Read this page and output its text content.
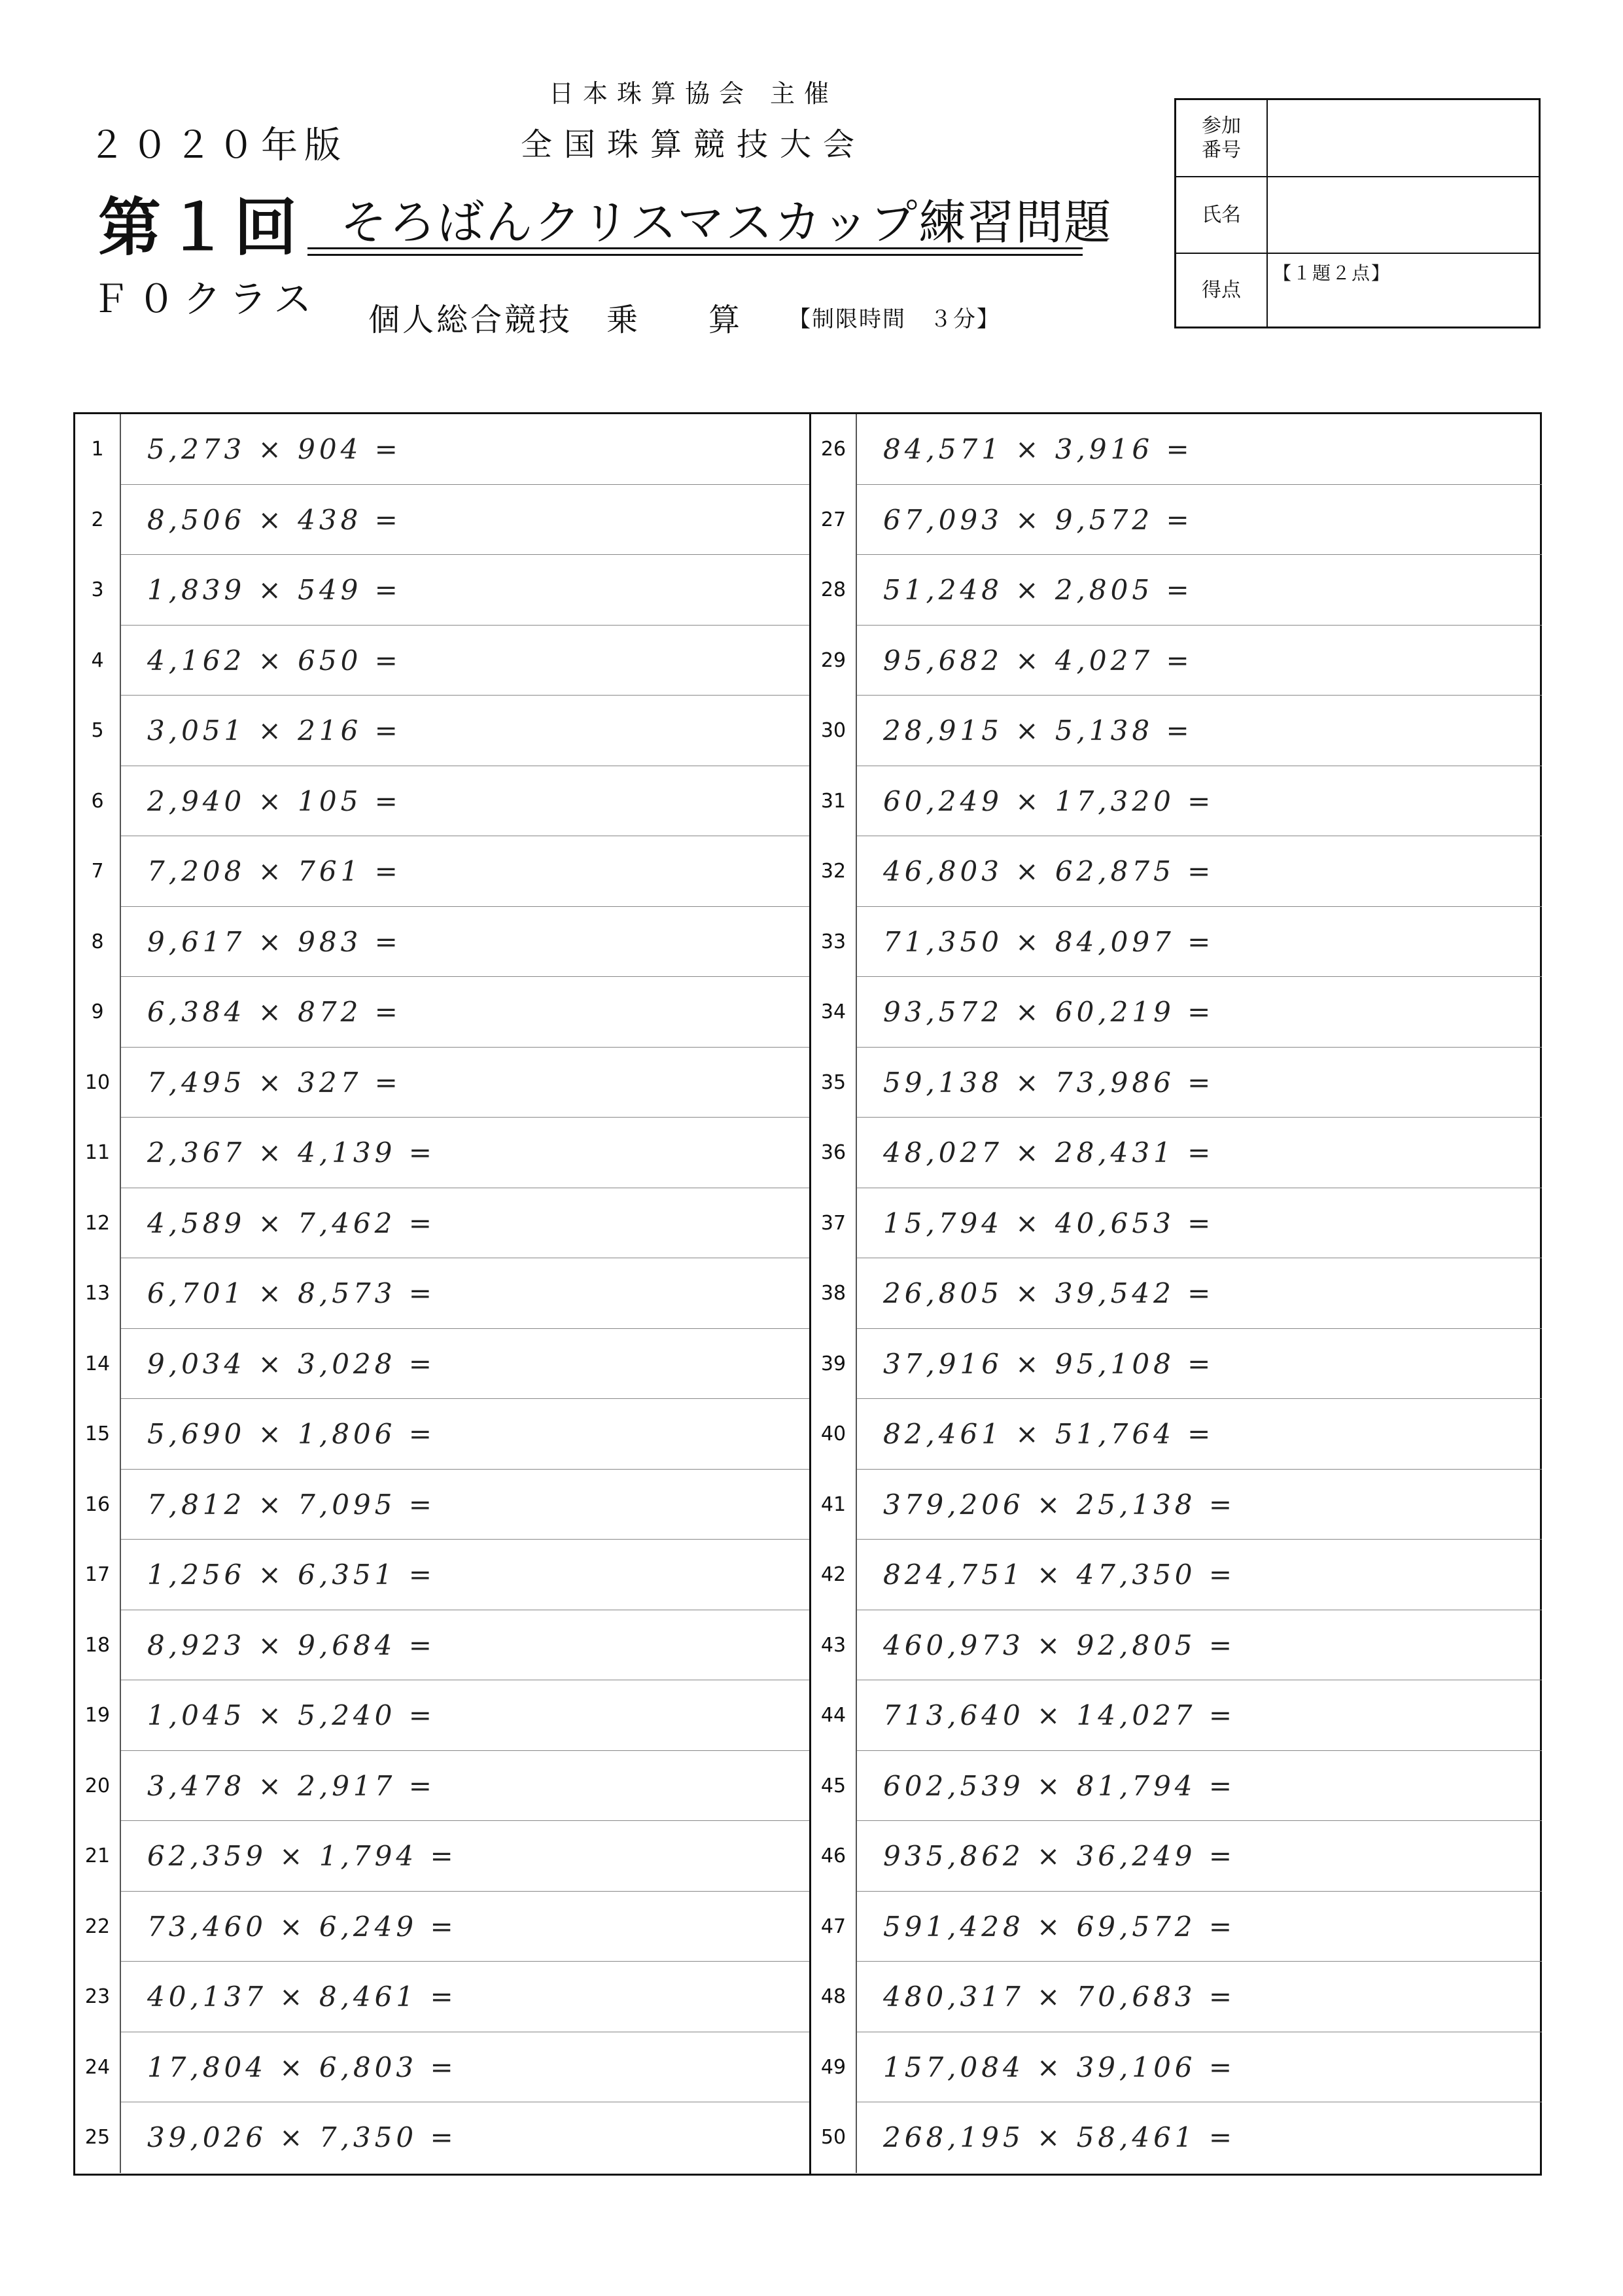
日本珠算協会 主催
全国珠算競技大会
２０２０年版
第１回 そろばんクリスマスカップ練習問題
Ｆ０クラス 個人総合競技　乗　　算 【制限時間　３分】
参加
番号
氏名
得点
【１題２点】
1	5,273 × 904 =
2	8,506 × 438 =
3	1,839 × 549 =
4	4,162 × 650 =
5	3,051 × 216 =
6	2,940 × 105 =
7	7,208 × 761 =
8	9,617 × 983 =
9	6,384 × 872 =
10	7,495 × 327 =
11	2,367 × 4,139 =
12	4,589 × 7,462 =
13	6,701 × 8,573 =
14	9,034 × 3,028 =
15	5,690 × 1,806 =
16	7,812 × 7,095 =
17	1,256 × 6,351 =
18	8,923 × 9,684 =
19	1,045 × 5,240 =
20	3,478 × 2,917 =
21	62,359 × 1,794 =
22	73,460 × 6,249 =
23	40,137 × 8,461 =
24	17,804 × 6,803 =
25	39,026 × 7,350 =
26	84,571 × 3,916 =
27	67,093 × 9,572 =
28	51,248 × 2,805 =
29	95,682 × 4,027 =
30	28,915 × 5,138 =
31	60,249 × 17,320 =
32	46,803 × 62,875 =
33	71,350 × 84,097 =
34	93,572 × 60,219 =
35	59,138 × 73,986 =
36	48,027 × 28,431 =
37	15,794 × 40,653 =
38	26,805 × 39,542 =
39	37,916 × 95,108 =
40	82,461 × 51,764 =
41	379,206 × 25,138 =
42	824,751 × 47,350 =
43	460,973 × 92,805 =
44	713,640 × 14,027 =
45	602,539 × 81,794 =
46	935,862 × 36,249 =
47	591,428 × 69,572 =
48	480,317 × 70,683 =
49	157,084 × 39,106 =
50	268,195 × 58,461 =
